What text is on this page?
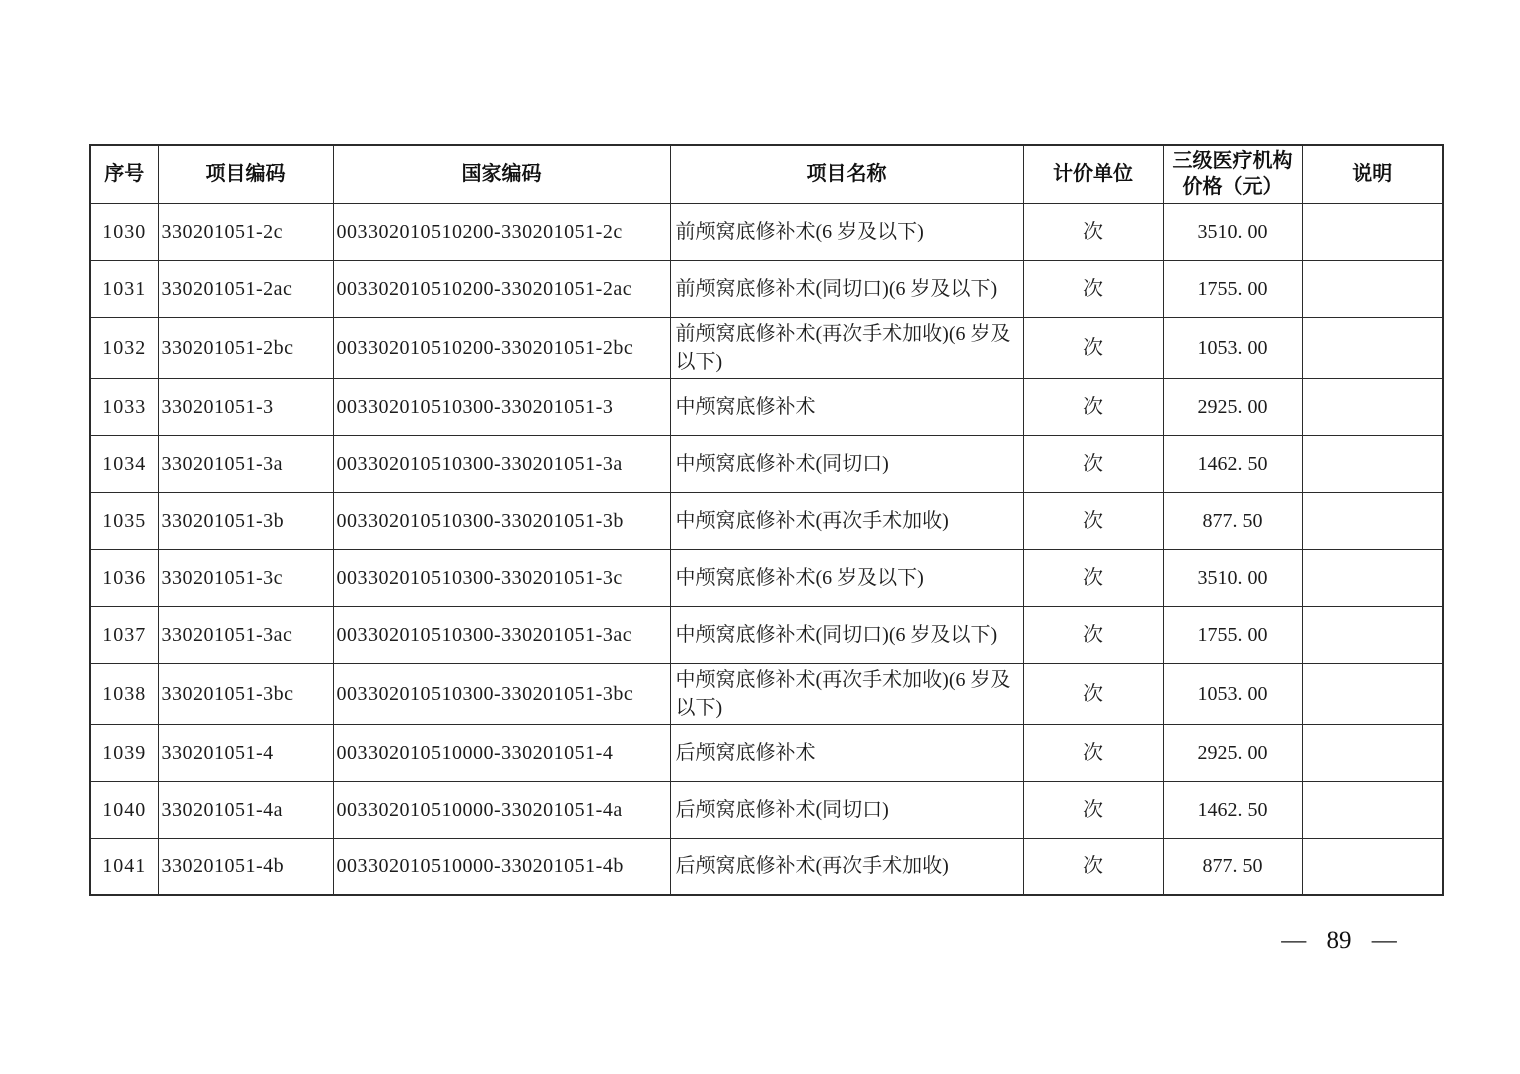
序号	项目编码	国家编码	项目名称	计价单位	三级医疗机构价格（元）	说明
1030	330201051-2c	003302010510200-330201051-2c	前颅窝底修补术(6 岁及以下)	次	3510. 00	
1031	330201051-2ac	003302010510200-330201051-2ac	前颅窝底修补术(同切口)(6 岁及以下)	次	1755. 00	
1032	330201051-2bc	003302010510200-330201051-2bc	前颅窝底修补术(再次手术加收)(6 岁及以下)	次	1053. 00	
1033	330201051-3	003302010510300-330201051-3	中颅窝底修补术	次	2925. 00	
1034	330201051-3a	003302010510300-330201051-3a	中颅窝底修补术(同切口)	次	1462. 50	
1035	330201051-3b	003302010510300-330201051-3b	中颅窝底修补术(再次手术加收)	次	877. 50	
1036	330201051-3c	003302010510300-330201051-3c	中颅窝底修补术(6 岁及以下)	次	3510. 00	
1037	330201051-3ac	003302010510300-330201051-3ac	中颅窝底修补术(同切口)(6 岁及以下)	次	1755. 00	
1038	330201051-3bc	003302010510300-330201051-3bc	中颅窝底修补术(再次手术加收)(6 岁及以下)	次	1053. 00	
1039	330201051-4	003302010510000-330201051-4	后颅窝底修补术	次	2925. 00	
1040	330201051-4a	003302010510000-330201051-4a	后颅窝底修补术(同切口)	次	1462. 50	
1041	330201051-4b	003302010510000-330201051-4b	后颅窝底修补术(再次手术加收)	次	877. 50	
— 89 —
